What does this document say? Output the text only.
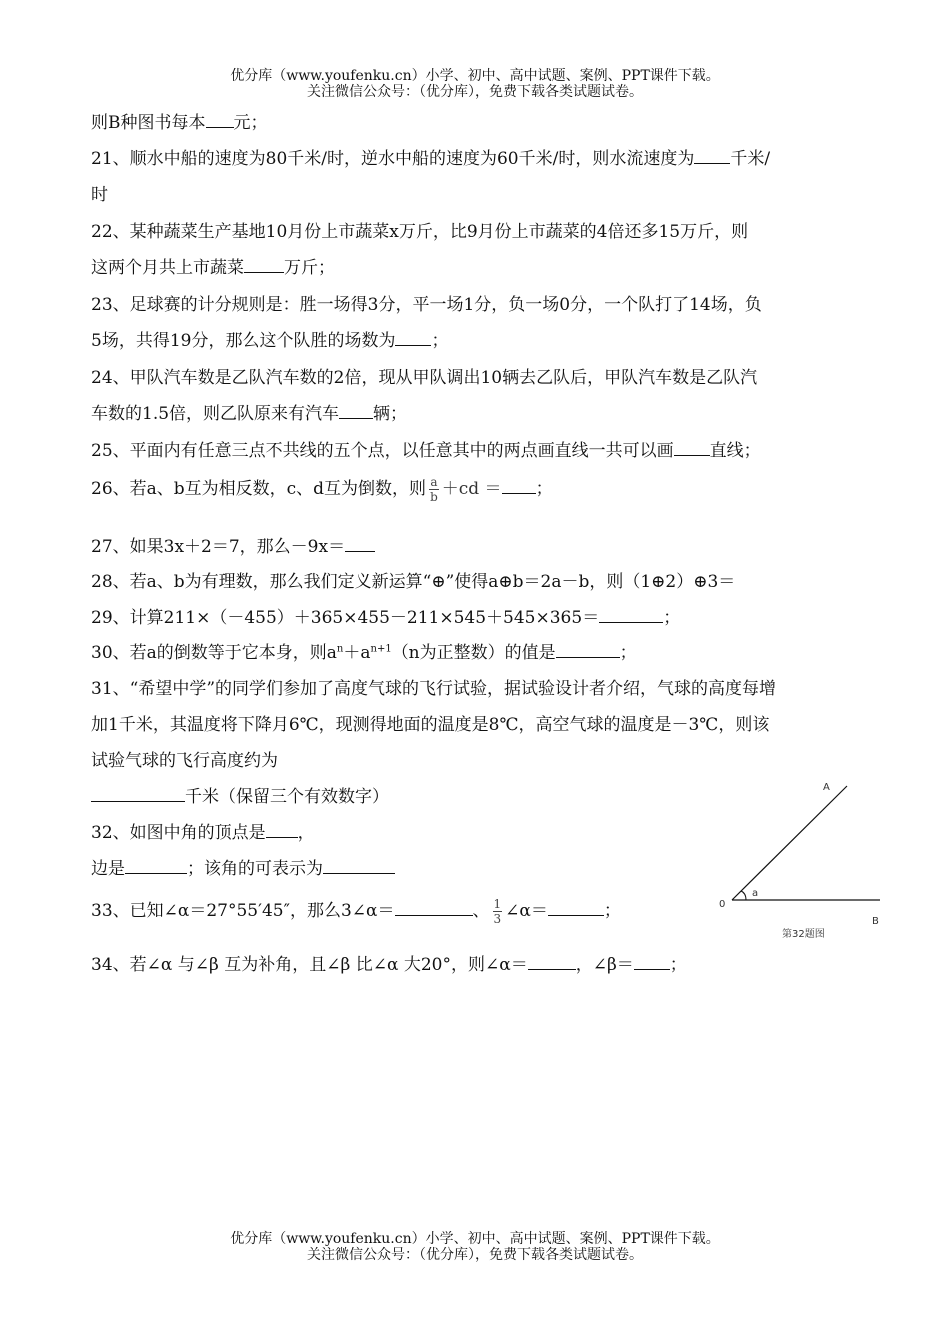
优分库（www.youfenku.cn）小学、初中、高中试题、案例、PPT课件下载。
关注微信公众号：（优分库），免费下载各类试题试卷。
则B种图书每本 元；
21、顺水中船的速度为80千米/时，逆水中船的速度为60千米/时，则水流速度为 千米/
时
22、某种蔬菜生产基地10月份上市蔬菜x万斤，比9月份上市蔬菜的4倍还多15万斤，则
这两个月共上市蔬菜 万斤；
23、足球赛的计分规则是：胜一场得3分，平一场1分，负一场0分，一个队打了14场，负
5场，共得19分，那么这个队胜的场数为 ；
24、甲队汽车数是乙队汽车数的2倍，现从甲队调出10辆去乙队后，甲队汽车数是乙队汽
车数的1.5倍，则乙队原来有汽车 辆；
25、平面内有任意三点不共线的五个点，以任意其中的两点画直线一共可以画 直线；
26、若a、b互为相反数，c、d互为倒数，则 $\frac{a}{b} +cd$ ＝ ；
27、如果3x＋2＝7，那么－9x＝
28、若a、b为有理数，那么我们定义新运算“⊕”使得a⊕b＝2a－b，则（1⊕2）⊕3＝
29、计算211×（－455）＋365×455－211×545＋545×365＝	；
30、若a的倒数等于它本身，则$a^n+a^{n+1}(n$为正整数）的值是	；
31、“希望中学”的同学们参加了高度气球的飞行试验，据试验设计者介绍，气球的高度每增
加1千米，其温度将下降月6℃，现测得地面的温度是8℃，高空气球的温度是－3℃，则该
试验气球的飞行高度约为
千米（保留三个有效数字）
32、如图中角的顶点是 ，
边是	；该角的可表示为
33、已知∠α＝27°55′45″，那么3∠α＝	、 $\frac{1}{3}$ ∠α＝	；
34、若∠α 与∠β 互为补角，且∠β 比∠α 大20°，则∠α＝	，∠β＝ ；
A
B
0
a
第32题图
优分库（www.youfenku.cn）小学、初中、高中试题、案例、PPT课件下载。
关注微信公众号：（优分库），免费下载各类试题试卷。
